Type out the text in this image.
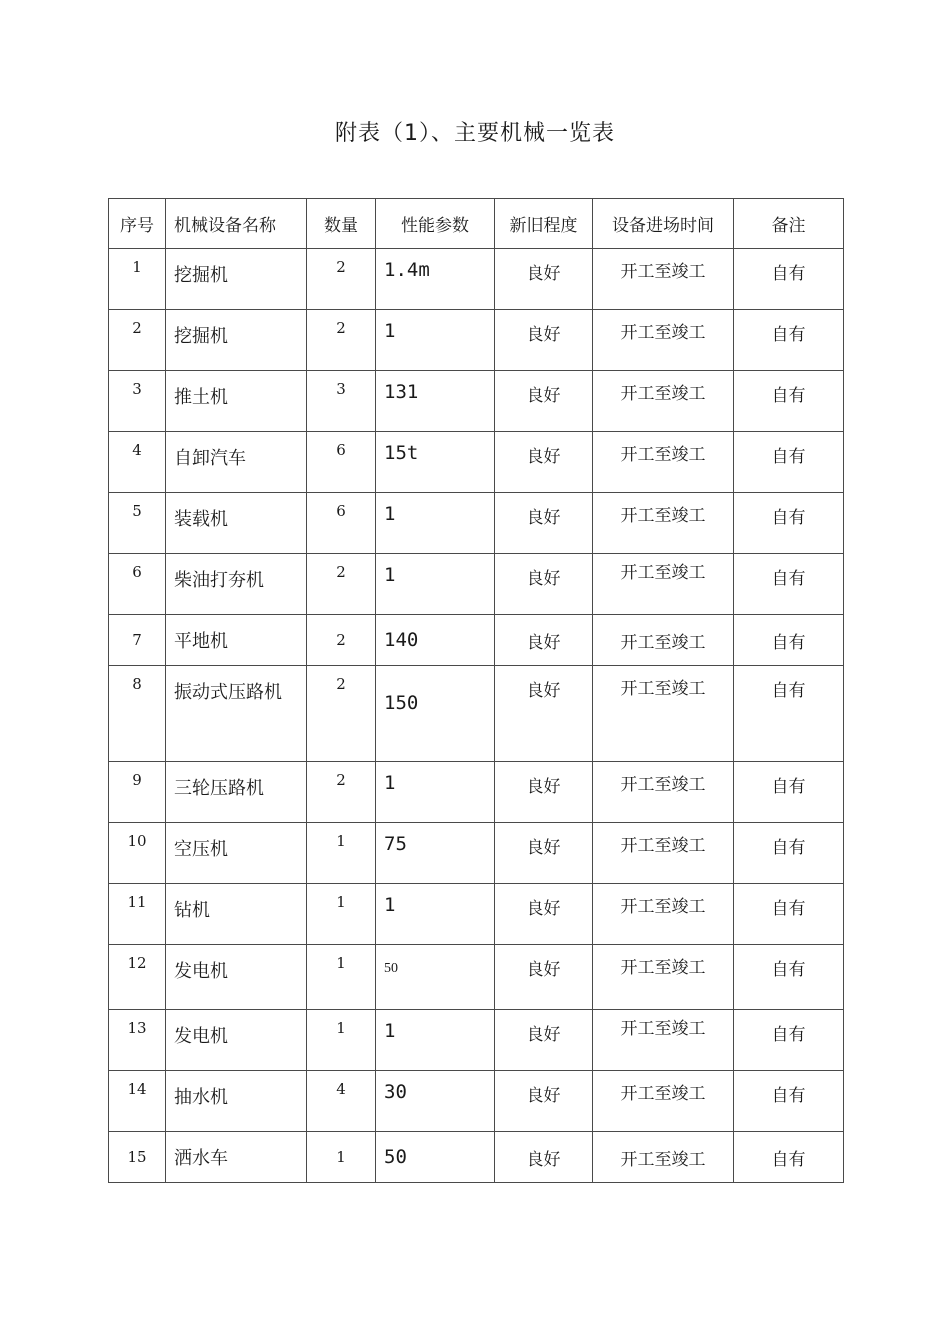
附表（1）、主要机械一览表
序号	机械设备名称	数量	性能参数	新旧程度	设备进场时间	备注
1	挖掘机	2	1.4m	良好	开工至竣工	自有
2	挖掘机	2	1	良好	开工至竣工	自有
3	推土机	3	131	良好	开工至竣工	自有
4	自卸汽车	6	15t	良好	开工至竣工	自有
5	装载机	6	1	良好	开工至竣工	自有
6	柴油打夯机	2	1	良好	开工至竣工	自有
7	平地机	2	140	良好	开工至竣工	自有
8	振动式压路机	2	150	良好	开工至竣工	自有
9	三轮压路机	2	1	良好	开工至竣工	自有
10	空压机	1	75	良好	开工至竣工	自有
11	钻机	1	1	良好	开工至竣工	自有
12	发电机	1	50	良好	开工至竣工	自有
13	发电机	1	1	良好	开工至竣工	自有
14	抽水机	4	30	良好	开工至竣工	自有
15	洒水车	1	50	良好	开工至竣工	自有
